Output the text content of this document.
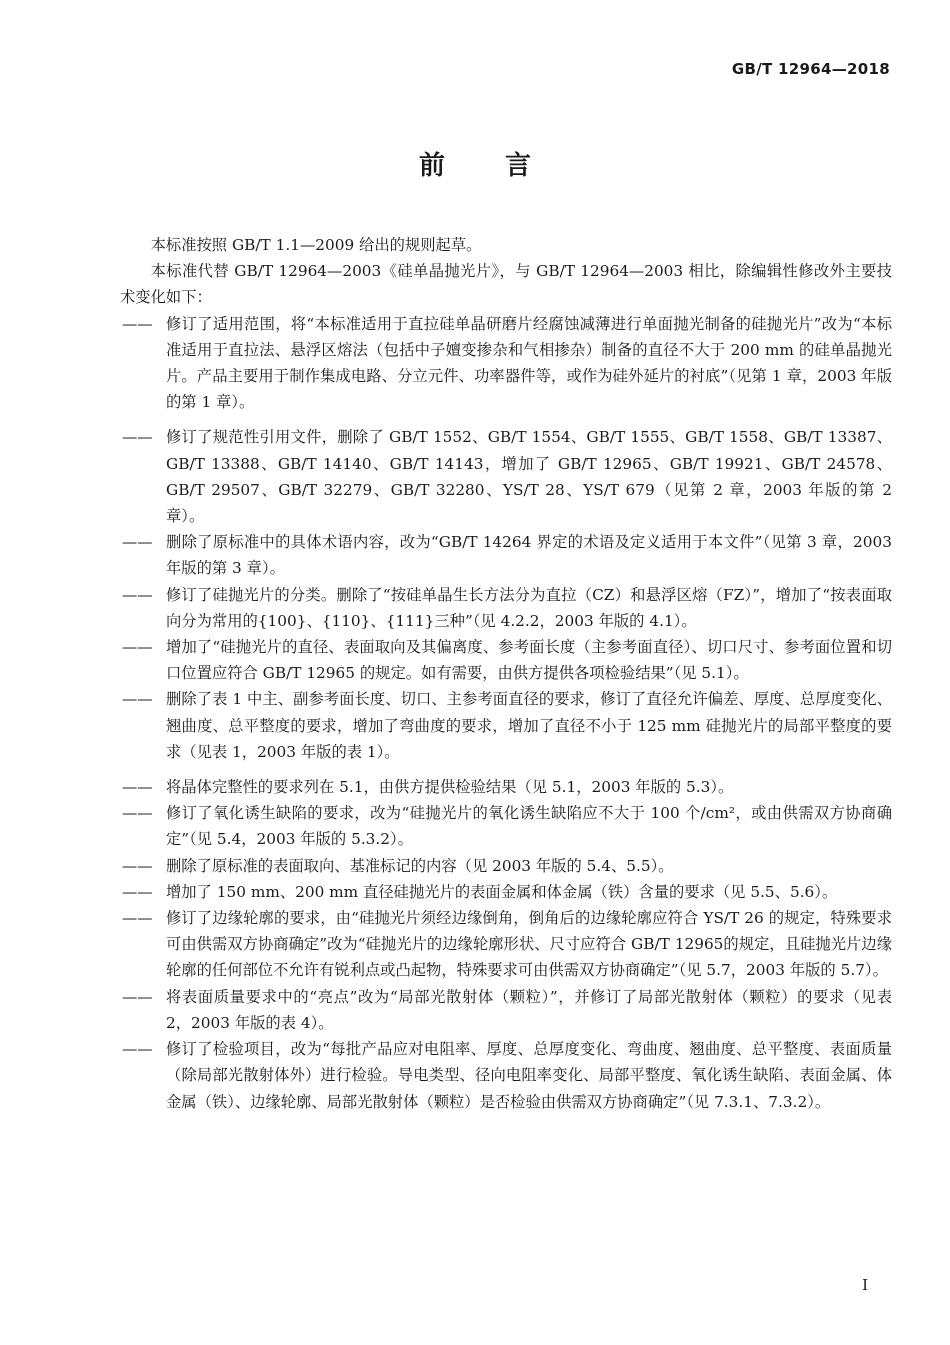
GB/T 12964—2018
前言

本标准按照 GB/T 1.1—2009 给出的规则起草。

本标准代替 GB/T 12964—2003《硅单晶抛光片》，与 GB/T 12964—2003 相比，除编辑性修改外主要技术变化如下：

—— 修订了适用范围，将“本标准适用于直拉硅单晶研磨片经腐蚀减薄进行单面抛光制备的硅抛光片”改为“本标准适用于直拉法、悬浮区熔法（包括中子嬗变掺杂和气相掺杂）制备的直径不大于 200 mm 的硅单晶抛光片。产品主要用于制作集成电路、分立元件、功率器件等，或作为硅外延片的衬底”（见第 1 章，2003 年版的第 1 章）。
—— 修订了规范性引用文件，删除了 GB/T 1552、GB/T 1554、GB/T 1555、GB/T 1558、GB/T 13387、GB/T 13388、GB/T 14140、GB/T 14143，增加了 GB/T 12965、GB/T 19921、GB/T 24578、GB/T 29507、GB/T 32279、GB/T 32280、YS/T 28、YS/T 679（见第 2 章，2003 年版的第 2 章）。
—— 删除了原标准中的具体术语内容，改为“GB/T 14264 界定的术语及定义适用于本文件”（见第 3 章，2003 年版的第 3 章）。
—— 修订了硅抛光片的分类。删除了“按硅单晶生长方法分为直拉（CZ）和悬浮区熔（FZ）”，增加了“按表面取向分为常用的{100}、{110}、{111}三种”（见 4.2.2，2003 年版的 4.1）。
—— 增加了“硅抛光片的直径、表面取向及其偏离度、参考面长度（主参考面直径）、切口尺寸、参考面位置和切口位置应符合 GB/T 12965 的规定。如有需要，由供方提供各项检验结果”（见 5.1）。
—— 删除了表 1 中主、副参考面长度、切口、主参考面直径的要求，修订了直径允许偏差、厚度、总厚度变化、翘曲度、总平整度的要求，增加了弯曲度的要求，增加了直径不小于 125 mm 硅抛光片的局部平整度的要求（见表 1，2003 年版的表 1）。
—— 将晶体完整性的要求列在 5.1，由供方提供检验结果（见 5.1，2003 年版的 5.3）。
—— 修订了氧化诱生缺陷的要求，改为“硅抛光片的氧化诱生缺陷应不大于 100 个/cm²，或由供需双方协商确定”（见 5.4，2003 年版的 5.3.2）。
—— 删除了原标准的表面取向、基准标记的内容（见 2003 年版的 5.4、5.5）。
—— 增加了 150 mm、200 mm 直径硅抛光片的表面金属和体金属（铁）含量的要求（见 5.5、5.6）。
—— 修订了边缘轮廓的要求，由“硅抛光片须经边缘倒角，倒角后的边缘轮廓应符合 YS/T 26 的规定，特殊要求可由供需双方协商确定”改为“硅抛光片的边缘轮廓形状、尺寸应符合 GB/T 12965的规定，且硅抛光片边缘轮廓的任何部位不允许有锐利点或凸起物，特殊要求可由供需双方协商确定”（见 5.7，2003 年版的 5.7）。
—— 将表面质量要求中的“亮点”改为“局部光散射体（颗粒）”，并修订了局部光散射体（颗粒）的要求（见表 2，2003 年版的表 4）。
—— 修订了检验项目，改为“每批产品应对电阻率、厚度、总厚度变化、弯曲度、翘曲度、总平整度、表面质量（除局部光散射体外）进行检验。导电类型、径向电阻率变化、局部平整度、氧化诱生缺陷、表面金属、体金属（铁）、边缘轮廓、局部光散射体（颗粒）是否检验由供需双方协商确定”（见 7.3.1、7.3.2）。
I
